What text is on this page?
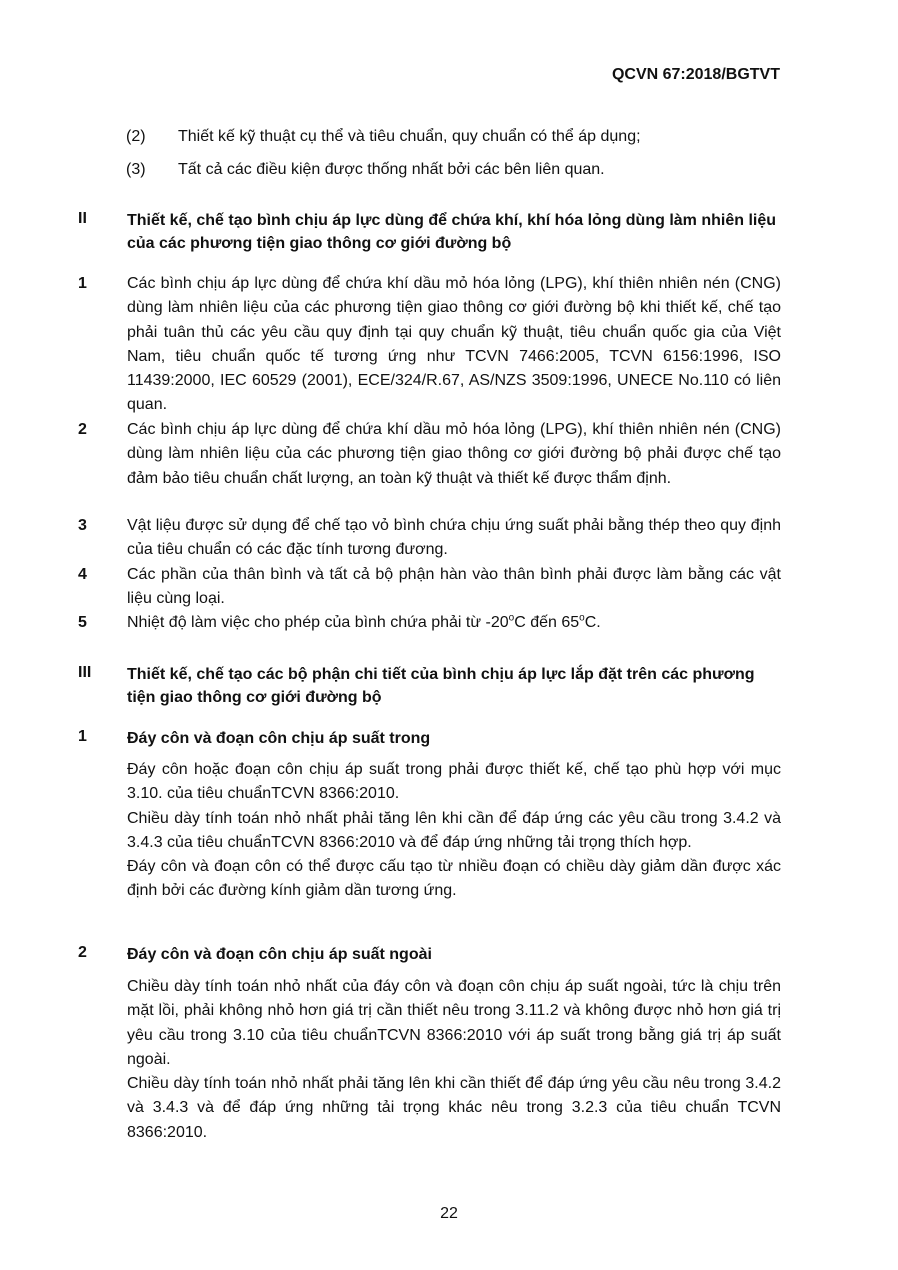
QCVN 67:2018/BGTVT
(2) Thiết kế kỹ thuật cụ thể và tiêu chuẩn, quy chuẩn có thể áp dụng;
(3) Tất cả các điều kiện được thống nhất bởi các bên liên quan.
II	Thiết kế, chế tạo bình chịu áp lực dùng để chứa khí, khí hóa lỏng dùng làm nhiên liệu của các phương tiện giao thông cơ giới đường bộ
1	Các bình chịu áp lực dùng để chứa khí dầu mỏ hóa lỏng (LPG), khí thiên nhiên nén (CNG) dùng làm nhiên liệu của các phương tiện giao thông cơ giới đường bộ khi thiết kế, chế tạo phải tuân thủ các yêu cầu quy định tại quy chuẩn kỹ thuật, tiêu chuẩn quốc gia của Việt Nam, tiêu chuẩn quốc tế tương ứng như TCVN 7466:2005, TCVN 6156:1996, ISO 11439:2000, IEC 60529 (2001), ECE/324/R.67, AS/NZS 3509:1996, UNECE No.110 có liên quan.
2	Các bình chịu áp lực dùng để chứa khí dầu mỏ hóa lỏng (LPG), khí thiên nhiên nén (CNG) dùng làm nhiên liệu của các phương tiện giao thông cơ giới đường bộ phải được chế tạo đảm bảo tiêu chuẩn chất lượng, an toàn kỹ thuật và thiết kế được thẩm định.
3	Vật liệu được sử dụng để chế tạo vỏ bình chứa chịu ứng suất phải bằng thép theo quy định của tiêu chuẩn có các đặc tính tương đương.
4	Các phần của thân bình và tất cả bộ phận hàn vào thân bình phải được làm bằng các vật liệu cùng loại.
5	Nhiệt độ làm việc cho phép của bình chứa phải từ -20$^o$C đến 65$^o$C.
III Thiết kế, chế tạo các bộ phận chi tiết của bình chịu áp lực lắp đặt trên các phương tiện giao thông cơ giới đường bộ
1	Đáy côn và đoạn côn chịu áp suất trong

Đáy côn hoặc đoạn côn chịu áp suất trong phải được thiết kế, chế tạo phù hợp với mục 3.10. của tiêu chuẩnTCVN 8366:2010.

Chiều dày tính toán nhỏ nhất phải tăng lên khi cần để đáp ứng các yêu cầu trong 3.4.2 và 3.4.3 của tiêu chuẩnTCVN 8366:2010 và để đáp ứng những tải trọng thích hợp.

Đáy côn và đoạn côn có thể được cấu tạo từ nhiều đoạn có chiều dày giảm dần được xác định bởi các đường kính giảm dần tương ứng.

2	Đáy côn và đoạn côn chịu áp suất ngoài

Chiều dày tính toán nhỏ nhất của đáy côn và đoạn côn chịu áp suất ngoài, tức là chịu trên mặt lồi, phải không nhỏ hơn giá trị cần thiết nêu trong 3.11.2 và không được nhỏ hơn giá trị yêu cầu trong 3.10 của tiêu chuẩnTCVN 8366:2010 với áp suất trong bằng giá trị áp suất ngoài.

Chiều dày tính toán nhỏ nhất phải tăng lên khi cần thiết để đáp ứng yêu cầu nêu trong 3.4.2 và 3.4.3 và để đáp ứng những tải trọng khác nêu trong 3.2.3 của tiêu chuẩn TCVN 8366:2010.

22
